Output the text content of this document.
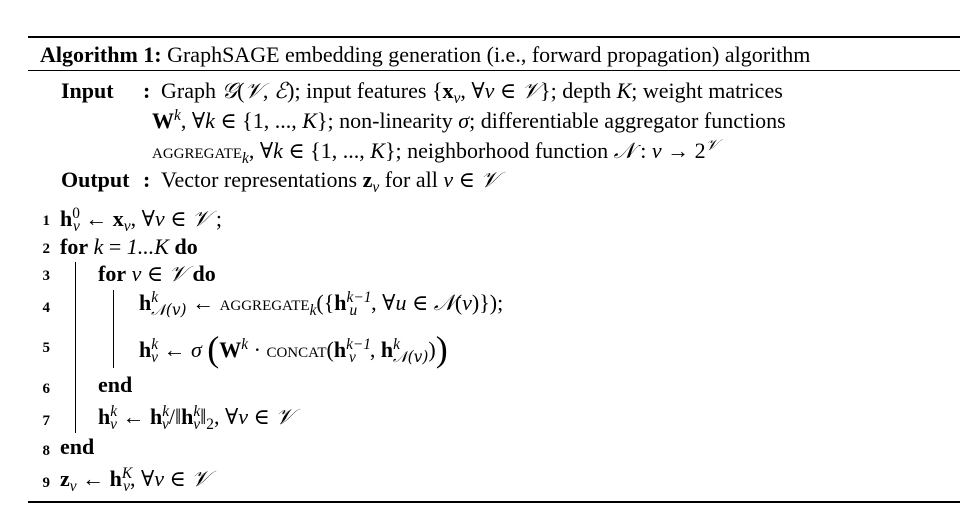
Algorithm 1: GraphSAGE embedding generation (i.e., forward propagation) algorithm
Input : Graph 𝒢(𝒱, ℰ); input features {$x_v$, ∀v ∈ 𝒱}; depth K; weight matrices
$W^k$, ∀k ∈ {1, ..., K}; non-linearity σ; differentiable aggregator functions
aggregate$_k$, ∀k ∈ {1, ..., K}; neighborhood function 𝒩 : $v \to 2^𝒱$
Output : Vector representations $z_v$ for all v ∈ 𝒱
1 $h^0_v$ ← $x_v$, ∀v ∈ 𝒱 ;
2 for k = 1...K do
3 for v ∈ 𝒱 do
4	$h^k_{𝒩(v)}$ ← $aggregate_k(\{h^{k-1}_u$ , ∀u ∈ 𝒩(v)});
5	$h^k_v$ ← σ ($W^k$ · $concat(h^{k-1}_v$ , $h^k_{𝒩(v)}$))
6 end
7 $h^k_v$ ← $h^k_v/‖h^k_v‖_2$, ∀v ∈ 𝒱
8 end
9 $z_v$ ← $h^K_v$, ∀v ∈ 𝒱
